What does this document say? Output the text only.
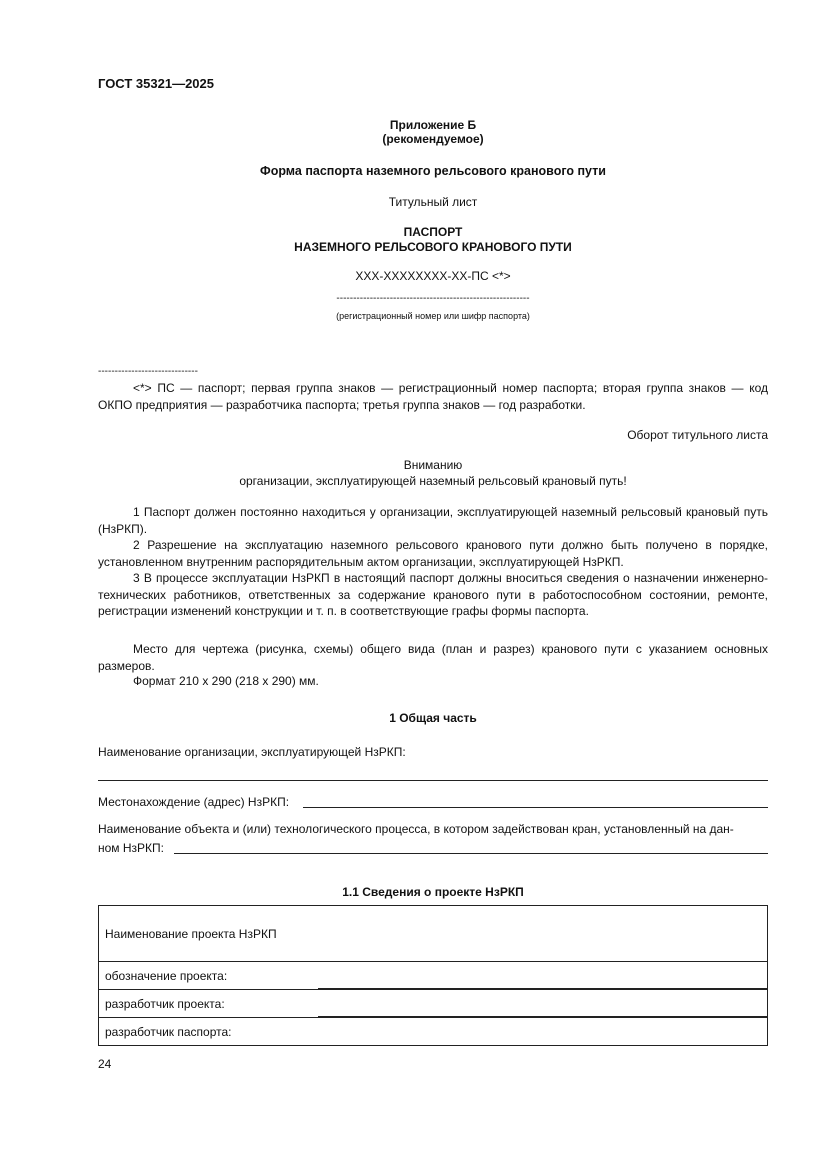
ГОСТ 35321—2025
Приложение Б
(рекомендуемое)
Форма паспорта наземного рельсового кранового пути
Титульный лист
ПАСПОРТ
НАЗЕМНОГО РЕЛЬСОВОГО КРАНОВОГО ПУТИ
XXX-XXXXXXXX-XX-ПС <*>
----------------------------------------------------------
(регистрационный номер или шифр паспорта)
------------------------------
<*> ПС — паспорт; первая группа знаков — регистрационный номер паспорта; вторая группа знаков — код ОКПО предприятия — разработчика паспорта; третья группа знаков — год разработки.
Оборот титульного листа
Вниманию
организации, эксплуатирующей наземный рельсовый крановый путь!
1 Паспорт должен постоянно находиться у организации, эксплуатирующей наземный рельсовый крановый путь (НзРКП).
2 Разрешение на эксплуатацию наземного рельсового кранового пути должно быть получено в порядке, установленном внутренним распорядительным актом организации, эксплуатирующей НзРКП.
3 В процессе эксплуатации НзРКП в настоящий паспорт должны вноситься сведения о назначении инженерно-технических работников, ответственных за содержание кранового пути в работоспособном состоянии, ремонте, регистрации изменений конструкции и т. п. в соответствующие графы формы паспорта.
Место для чертежа (рисунка, схемы) общего вида (план и разрез) кранового пути с указанием основных размеров.
Формат 210 х 290 (218 х 290) мм.
1 Общая часть
Наименование организации, эксплуатирующей НзРКП:
Местонахождение (адрес) НзРКП:
Наименование объекта и (или) технологического процесса, в котором задействован кран, установленный на дан-
ном НзРКП:
1.1 Сведения о проекте НзРКП
Наименование проекта НзРКП
обозначение проекта:
разработчик проекта:
разработчик паспорта:
24
